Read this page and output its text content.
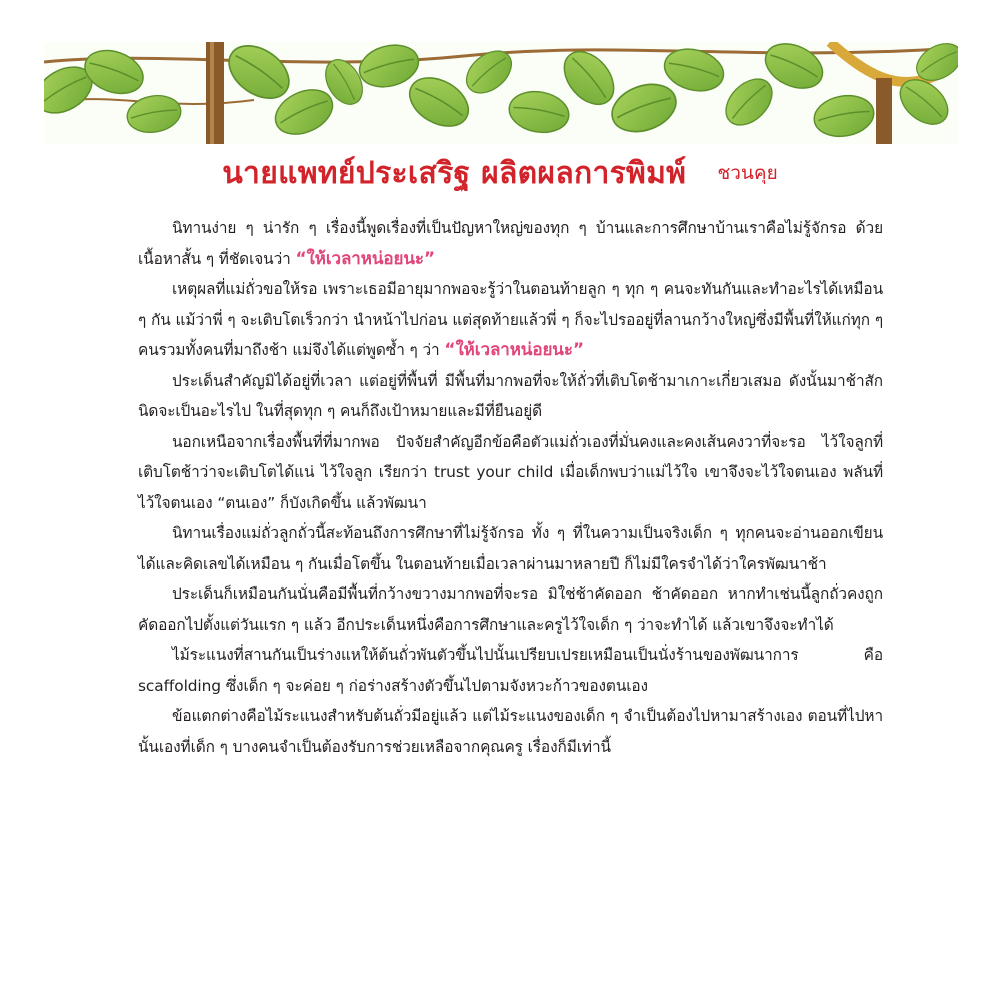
นายแพทย์ประเสริฐ ผลิตผลการพิมพ์ ชวนคุย

นิทานง่าย ๆ น่ารัก ๆ เรื่องนี้พูดเรื่องที่เป็นปัญหาใหญ่ของทุก ๆ บ้านและการศึกษาบ้านเราคือไม่รู้จักรอ ด้วยเนื้อหาสั้น ๆ ที่ชัดเจนว่า “ให้เวลาหน่อยนะ”

เหตุผลที่แม่ถั่วขอให้รอ เพราะเธอมีอายุมากพอจะรู้ว่าในตอนท้ายลูก ๆ ทุก ๆ คนจะทันกันและทำอะไรได้เหมือน ๆ กัน แม้ว่าพี่ ๆ จะเติบโตเร็วกว่า นำหน้าไปก่อน แต่สุดท้ายแล้วพี่ ๆ ก็จะไปรออยู่ที่ลานกว้างใหญ่ซึ่งมีพื้นที่ให้แก่ทุก ๆ คนรวมทั้งคนที่มาถึงช้า แม่จึงได้แต่พูดซ้ำ ๆ ว่า “ให้เวลาหน่อยนะ”

ประเด็นสำคัญมิได้อยู่ที่เวลา แต่อยู่ที่พื้นที่ มีพื้นที่มากพอที่จะให้ถั่วที่เติบโตช้ามาเกาะเกี่ยวเสมอ ดังนั้นมาช้าสักนิดจะเป็นอะไรไป ในที่สุดทุก ๆ คนก็ถึงเป้าหมายและมีที่ยืนอยู่ดี

นอกเหนือจากเรื่องพื้นที่ที่มากพอ ปัจจัยสำคัญอีกข้อคือตัวแม่ถั่วเองที่มั่นคงและคงเส้นคงวาที่จะรอ ไว้ใจลูกที่เติบโตช้าว่าจะเติบโตได้แน่ ไว้ใจลูก เรียกว่า trust your child เมื่อเด็กพบว่าแม่ไว้ใจ เขาจึงจะไว้ใจตนเอง พลันที่ไว้ใจตนเอง “ตนเอง” ก็บังเกิดขึ้น แล้วพัฒนา

นิทานเรื่องแม่ถั่วลูกถั่วนี้สะท้อนถึงการศึกษาที่ไม่รู้จักรอ ทั้ง ๆ ที่ในความเป็นจริงเด็ก ๆ ทุกคนจะอ่านออกเขียนได้และคิดเลขได้เหมือน ๆ กันเมื่อโตขึ้น ในตอนท้ายเมื่อเวลาผ่านมาหลายปี ก็ไม่มีใครจำได้ว่าใครพัฒนาช้า

ประเด็นก็เหมือนกันนั่นคือมีพื้นที่กว้างขวางมากพอที่จะรอ มิใช่ช้าคัดออก ช้าคัดออก หากทำเช่นนี้ลูกถั่วคงถูกคัดออกไปตั้งแต่วันแรก ๆ แล้ว อีกประเด็นหนึ่งคือการศึกษาและครูไว้ใจเด็ก ๆ ว่าจะทำได้ แล้วเขาจึงจะทำได้

ไม้ระแนงที่สานกันเป็นร่างแหให้ต้นถั่วพันตัวขึ้นไปนั้นเปรียบเปรยเหมือนเป็นนั่งร้านของพัฒนาการ คือ scaffolding ซึ่งเด็ก ๆ จะค่อย ๆ ก่อร่างสร้างตัวขึ้นไปตามจังหวะก้าวของตนเอง

ข้อแตกต่างคือไม้ระแนงสำหรับต้นถั่วมีอยู่แล้ว แต่ไม้ระแนงของเด็ก ๆ จำเป็นต้องไปหามาสร้างเอง ตอนที่ไปหานั้นเองที่เด็ก ๆ บางคนจำเป็นต้องรับการช่วยเหลือจากคุณครู เรื่องก็มีเท่านี้
